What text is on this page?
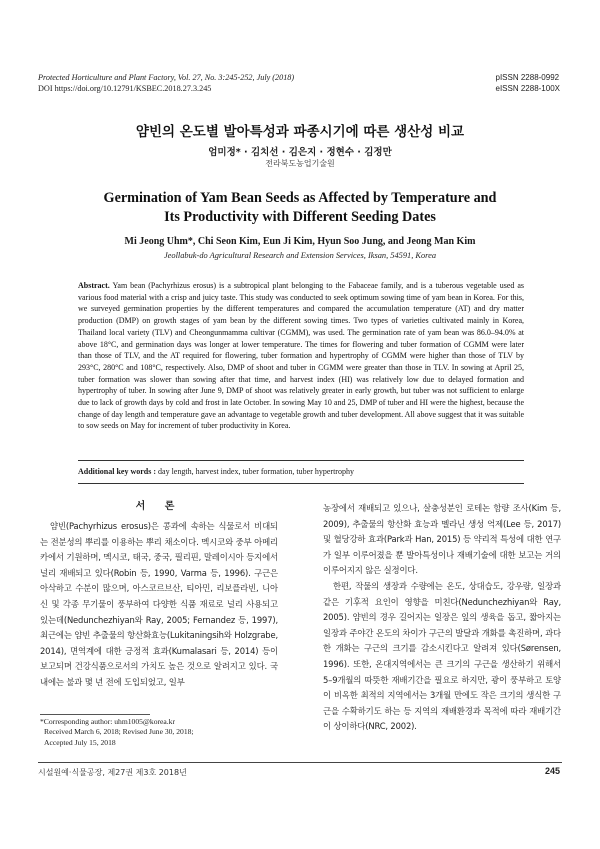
Protected Horticulture and Plant Factory, Vol. 27, No. 3:245-252, July (2018)
DOI https://doi.org/10.12791/KSBEC.2018.27.3.245
pISSN 2288-0992
eISSN 2288-100X
얌빈의 온도별 발아특성과 파종시기에 따른 생산성 비교
엄미정* · 김치선 · 김은지 · 정현수 · 김정만
전라북도농업기술원
Germination of Yam Bean Seeds as Affected by Temperature and
Its Productivity with Different Seeding Dates
Mi Jeong Uhm*, Chi Seon Kim, Eun Ji Kim, Hyun Soo Jung, and Jeong Man Kim
Jeollabuk-do Agricultural Research and Extension Services, Iksan, 54591, Korea
Abstract. Yam bean (Pachyrhizus erosus) is a subtropical plant belonging to the Fabaceae family, and is a tuberous vegetable used as various food material with a crisp and juicy taste. This study was conducted to seek optimum sowing time of yam bean in Korea. For this, we surveyed germination properties by the different temperatures and compared the accumulation temperature (AT) and dry matter production (DMP) on growth stages of yam bean by the different sowing times. Two types of varieties cultivated mainly in Korea, Thailand local variety (TLV) and Cheongunmamma cultivar (CGMM), was used. The germination rate of yam bean was 86.0–94.0% at above 18°C, and germination days was longer at lower temperature. The times for flowering and tuber formation of CGMM were later than those of TLV, and the AT required for flowering, tuber formation and hypertrophy of CGMM were higher than those of TLV by 293°C, 280°C and 108°C, respectively. Also, DMP of shoot and tuber in CGMM were greater than those in TLV. In sowing at April 25, tuber formation was slower than sowing after that time, and harvest index (HI) was relatively low due to delayed formation and hypertrophy of tuber. In sowing after June 9, DMP of shoot was relatively greater in early growth, but tuber was not sufficient to enlarge due to lack of growth days by cold and frost in late October. In sowing May 10 and 25, DMP of tuber and HI were the highest, because the change of day length and temperature gave an advantage to vegetable growth and tuber development. All above suggest that it was suitable to sow seeds on May for increment of tuber productivity in Korea.
Additional key words : day length, harvest index, tuber formation, tuber hypertrophy
서 론

얌빈(Pachyrhizus erosus)은 콩과에 속하는 식물로서 비대되는 전분성의 뿌리를 이용하는 뿌리 채소이다. 멕시코와 중부 아메리카에서 기원하며, 멕시코, 태국, 중국, 필리핀, 말레이시아 등지에서 널리 재배되고 있다(Robin 등, 1990, Varma 등, 1996). 구근은 아삭하고 수분이 많으며, 아스코르브산, 티아민, 리보플라빈, 니아신 및 각종 무기물이 풍부하여 다양한 식품 재료로 널리 사용되고 있는데(Nedunchezhiyan와 Ray, 2005; Fernandez 등, 1997), 최근에는 얌빈 추출물의 항산화효능(Lukitaningsih와 Holzgrabe, 2014), 면역계에 대한 긍정적 효과(Kumalasari 등, 2014) 등이 보고되며 건강식품으로서의 가치도 높은 것으로 알려지고 있다. 국내에는 불과 몇 년 전에 도입되었고, 일부

농장에서 재배되고 있으나, 살충성분인 로테논 함량 조사(Kim 등, 2009), 추출물의 항산화 효능과 멜라닌 생성 억제(Lee 등, 2017) 및 혈당강하 효과(Park과 Han, 2015) 등 약리적 특성에 대한 연구가 일부 이루어졌을 뿐 발아특성이나 재배기술에 대한 보고는 거의 이루어지지 않은 실정이다.

한편, 작물의 생장과 수량에는 온도, 상대습도, 강우량, 일장과 같은 기후적 요인이 영향을 미친다(Nedunchezhiyan와 Ray, 2005). 얌빈의 경우 길어지는 일장은 잎의 생육을 돕고, 짧아지는 일장과 주야간 온도의 차이가 구근의 발달과 개화를 촉진하며, 과다한 개화는 구근의 크기를 감소시킨다고 알려져 있다(Sørensen, 1996). 또한, 온대지역에서는 큰 크기의 구근을 생산하기 위해서 5–9개월의 따뜻한 재배기간을 필요로 하지만, 광이 풍부하고 토양이 비옥한 최적의 지역에서는 3개월 만에도 작은 크기의 생식한 구근을 수확하기도 하는 등 지역의 재배환경과 목적에 따라 재배기간이 상이하다(NRC, 2002).

*Corresponding author: uhm1005@korea.kr
Received March 6, 2018; Revised June 30, 2018;
Accepted July 15, 2018
시설원예·식물공장, 제27권 제3호 2018년	245
